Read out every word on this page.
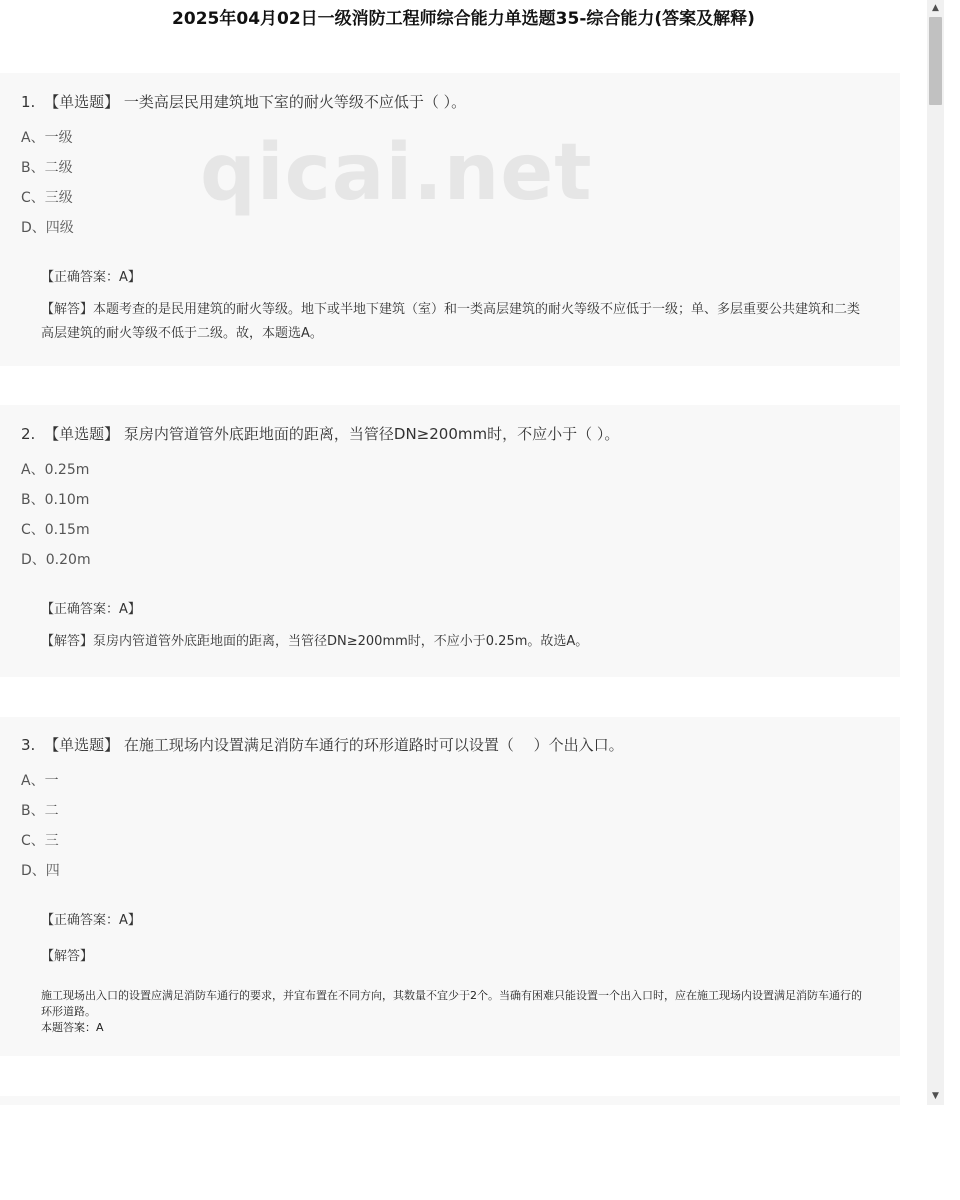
2025年04月02日一级消防工程师综合能力单选题35-综合能力(答案及解释)
1. 【单选题】 一类高层民用建筑地下室的耐火等级不应低于（ ）。
A、一级
B、二级
C、三级
D、四级
【正确答案：A】
【解答】本题考查的是民用建筑的耐火等级。地下或半地下建筑（室）和一类高层建筑的耐火等级不应低于一级；单、多层重要公共建筑和二类高层建筑的耐火等级不低于二级。故，本题选A。
qicai.net
2. 【单选题】 泵房内管道管外底距地面的距离，当管径DN≥200mm时，不应小于（ ）。
A、0.25m
B、0.10m
C、0.15m
D、0.20m
【正确答案：A】
【解答】泵房内管道管外底距地面的距离，当管径DN≥200mm时，不应小于0.25m。故选A。
3. 【单选题】 在施工现场内设置满足消防车通行的环形道路时可以设置（　 ）个出入口。
A、一
B、二
C、三
D、四
【正确答案：A】
【解答】
施工现场出入口的设置应满足消防车通行的要求，并宜布置在不同方向，其数量不宜少于2个。当确有困难只能设置一个出入口时，应在施工现场内设置满足消防车通行的环形道路。
本题答案：A
▲
▼
